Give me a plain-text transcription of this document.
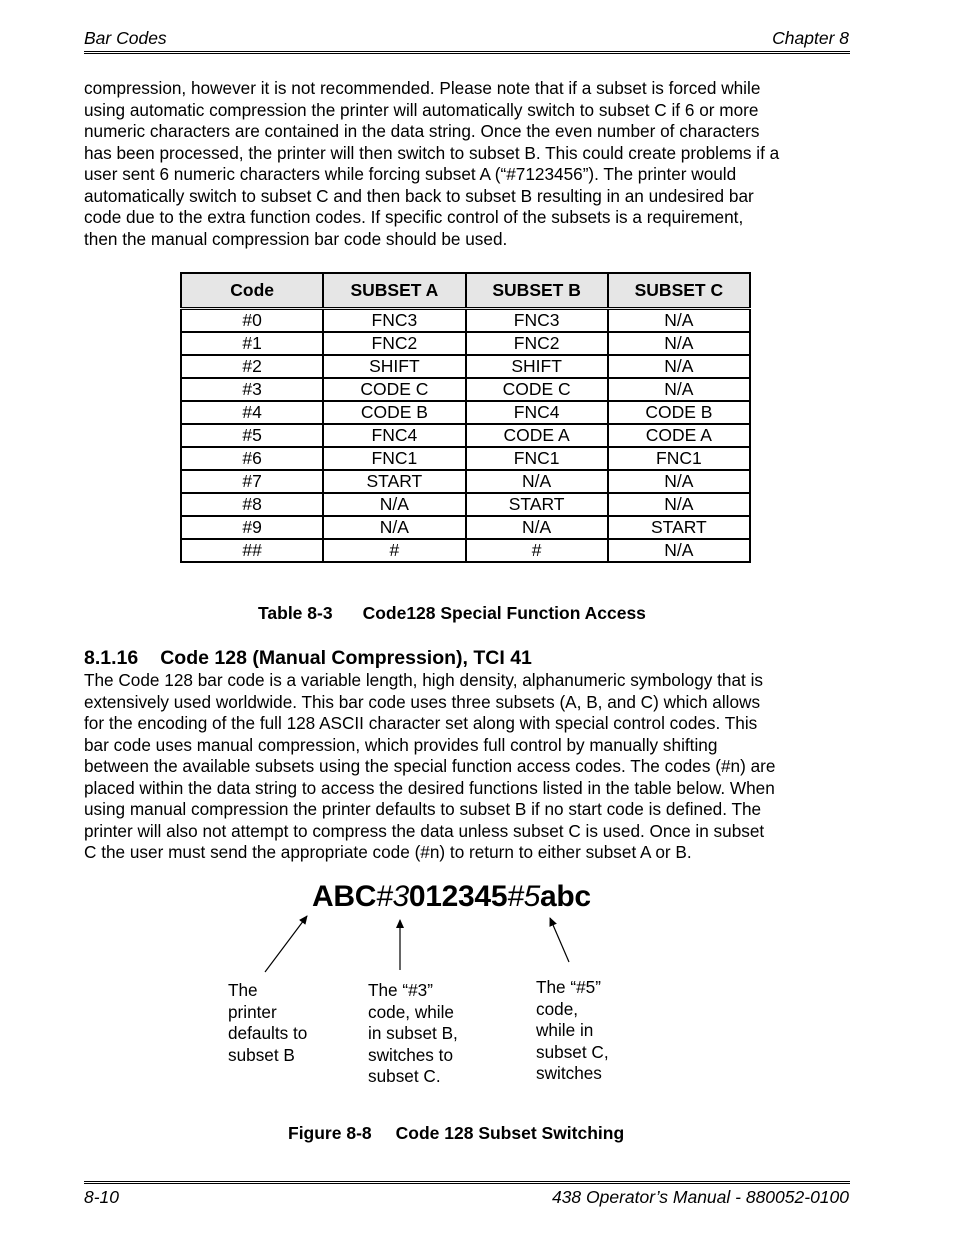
Bar Codes	Chapter 8

compression, however it is not recommended. Please note that if a subset is forced while

using automatic compression the printer will automatically switch to subset C if 6 or more

numeric characters are contained in the data string. Once the even number of characters

has been processed, the printer will then switch to subset B. This could create problems if a

user sent 6 numeric characters while forcing subset A (“#7123456”). The printer would

automatically switch to subset C and then back to subset B resulting in an undesired bar

code due to the extra function codes. If specific control of the subsets is a requirement,

then the manual compression bar code should be used.

Code	SUBSET A	SUBSET B	SUBSET C
#0	FNC3	FNC3	N/A
#1	FNC2	FNC2	N/A
#2	SHIFT	SHIFT	N/A
#3	CODE C	CODE C	N/A
#4	CODE B	FNC4	CODE B
#5	FNC4	CODE A	CODE A
#6	FNC1	FNC1	FNC1
#7	START	N/A	N/A
#8	N/A	START	N/A
#9	N/A	N/A	START
##	#	#	N/A
Table 8-3 Code128 Special Function Access
8.1.16 Code 128 (Manual Compression), TCI 41

The Code 128 bar code is a variable length, high density, alphanumeric symbology that is

extensively used worldwide. This bar code uses three subsets (A, B, and C) which allows

for the encoding of the full 128 ASCII character set along with special control codes. This

bar code uses manual compression, which provides full control by manually shifting

between the available subsets using the special function access codes. The codes (#n) are

placed within the data string to access the desired functions listed in the table below. When

using manual compression the printer defaults to subset B if no start code is defined. The

printer will also not attempt to compress the data unless subset C is used. Once in subset

C the user must send the appropriate code (#n) to return to either subset A or B.

ABC#3012345#5abc

The

printer

defaults to

subset B

The “#3”

code, while

in subset B,

switches to

subset C.

The “#5”

code,

while in

subset C,

switches

Figure 8-8 Code 128 Subset Switching
8-10	438 Operator’s Manual - 880052-0100
